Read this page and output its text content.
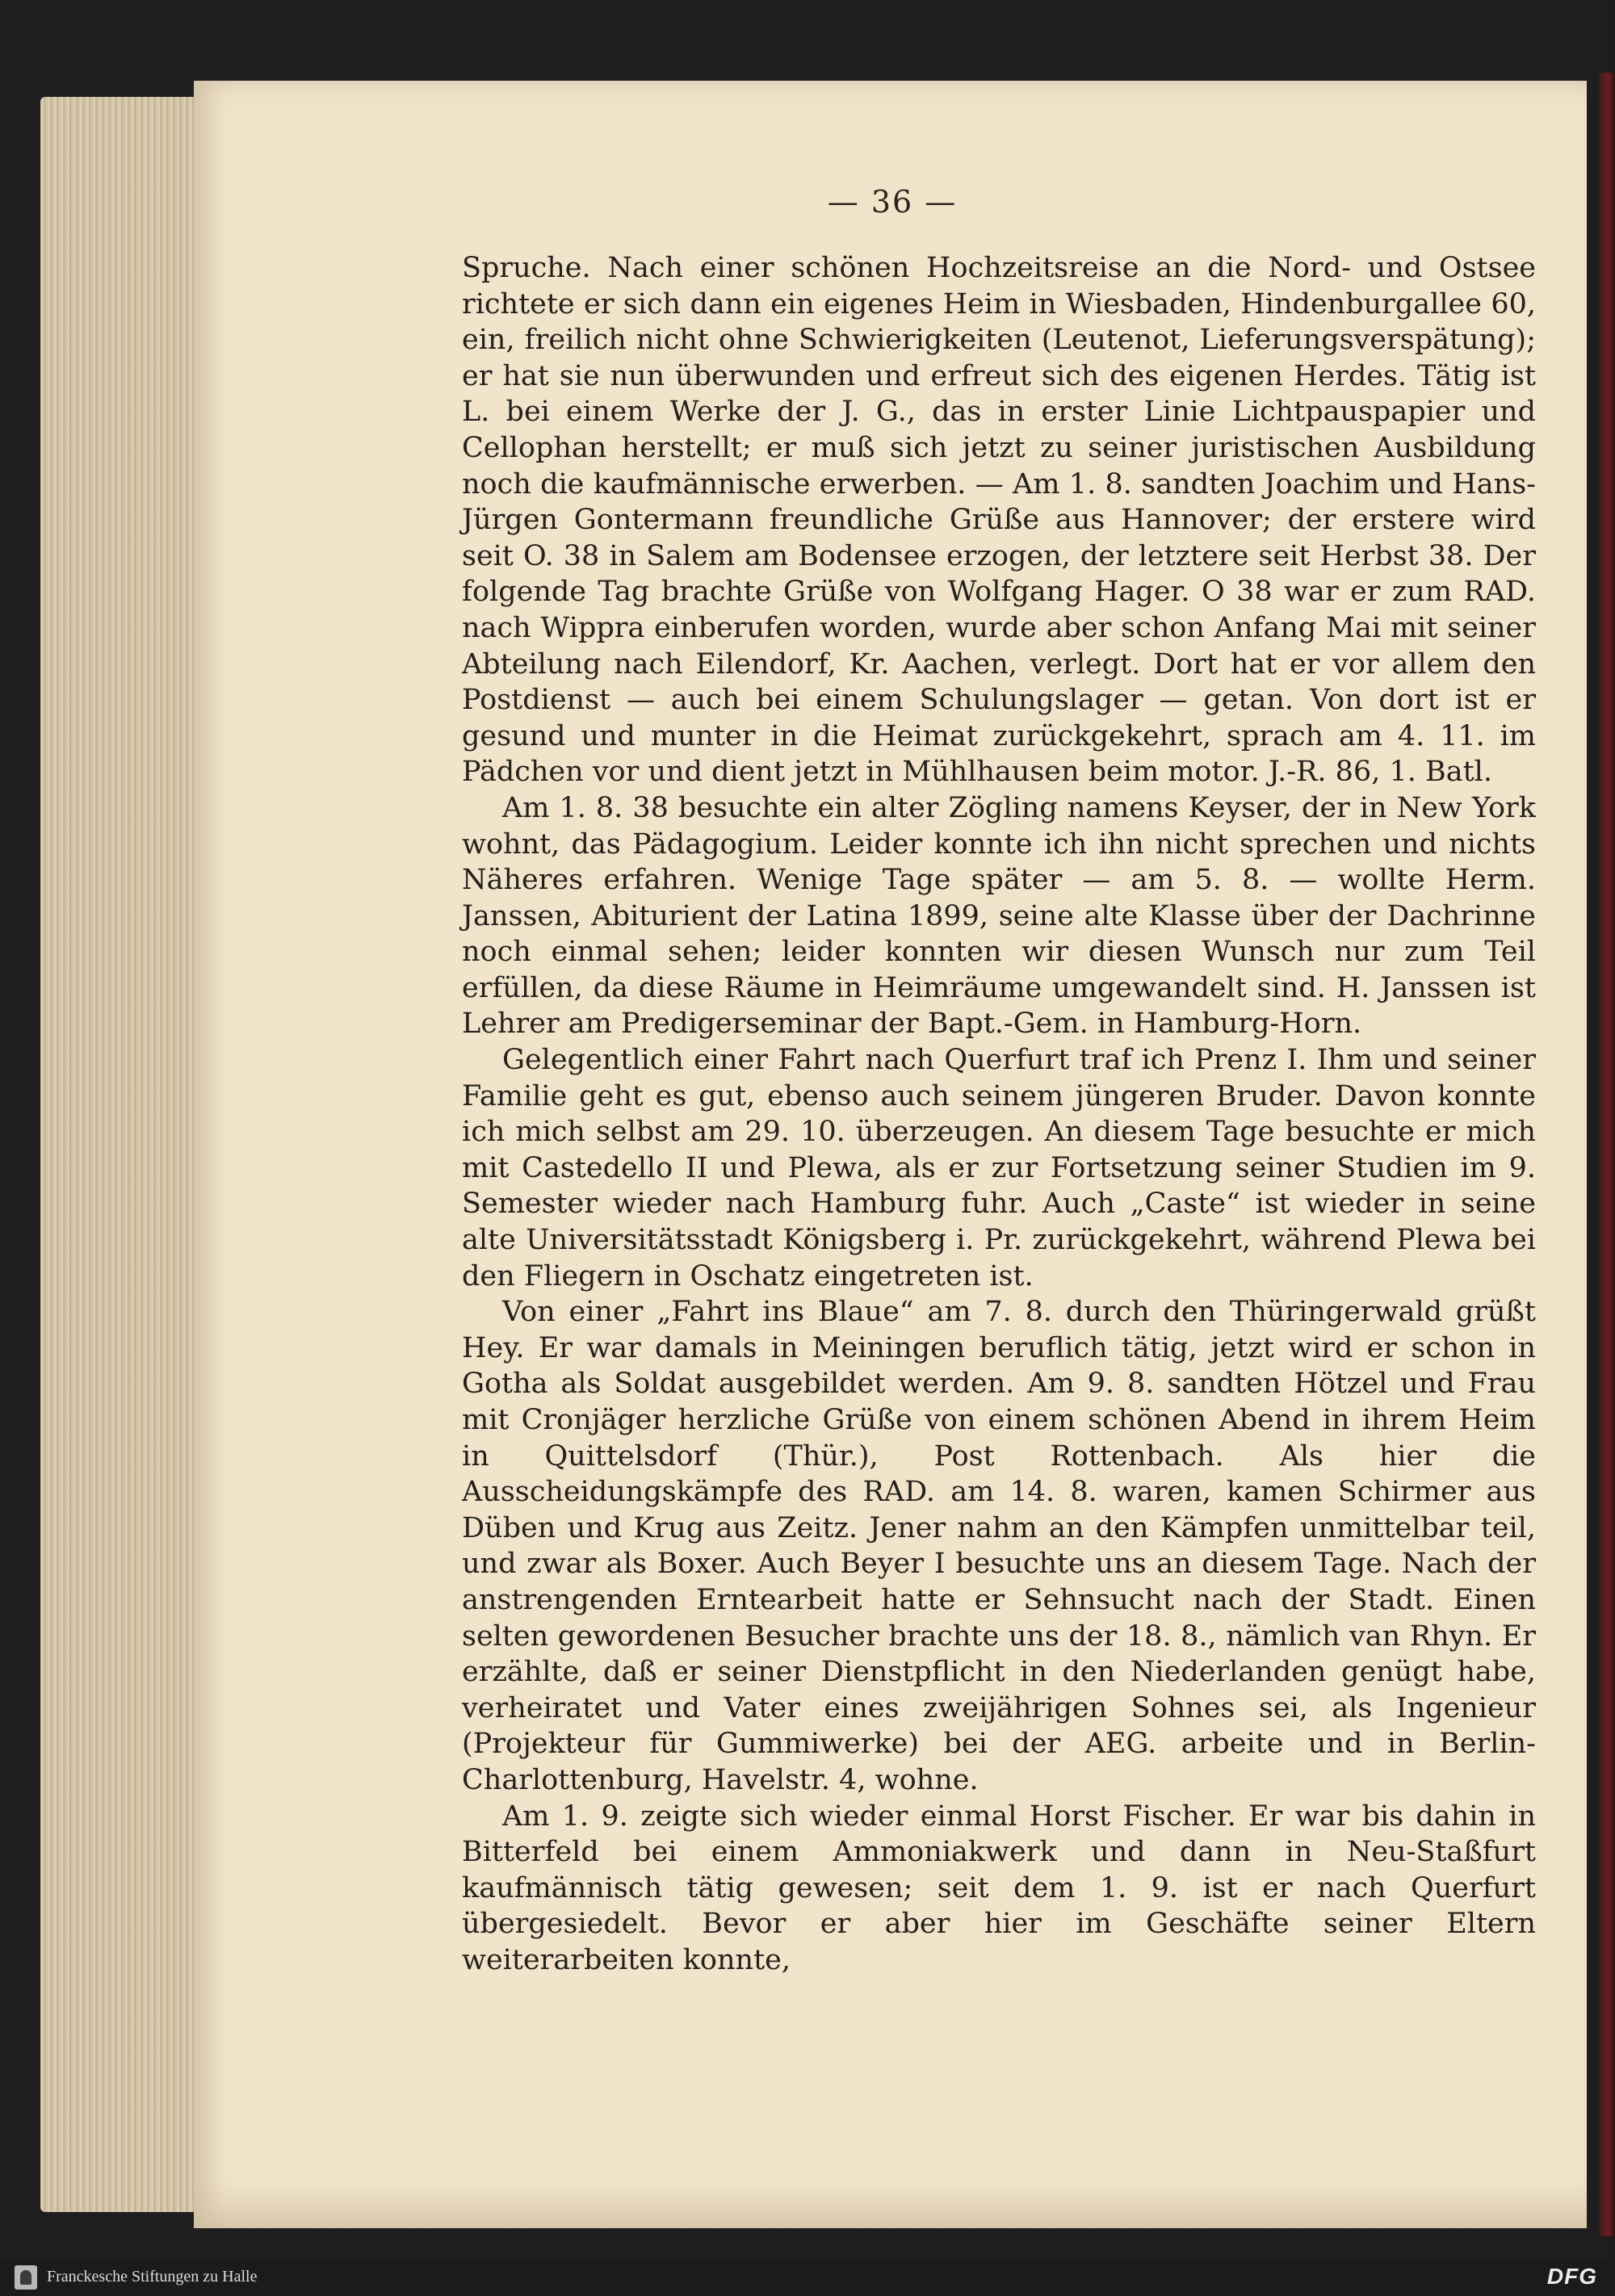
— 36 —

Spruche. Nach einer schönen Hochzeitsreise an die Nord- und Ostsee richtete er sich dann ein eigenes Heim in Wiesbaden, Hindenburgallee 60, ein, freilich nicht ohne Schwierigkeiten (Leutenot, Lieferungsverspätung); er hat sie nun überwunden und erfreut sich des eigenen Herdes. Tätig ist L. bei einem Werke der J. G., das in erster Linie Lichtpauspapier und Cellophan herstellt; er muß sich jetzt zu seiner juristischen Ausbildung noch die kaufmännische erwerben. — Am 1. 8. sandten Joachim und Hans-Jürgen Gontermann freundliche Grüße aus Hannover; der erstere wird seit O. 38 in Salem am Bodensee erzogen, der letztere seit Herbst 38. Der folgende Tag brachte Grüße von Wolfgang Hager. O 38 war er zum RAD. nach Wippra einberufen worden, wurde aber schon Anfang Mai mit seiner Abteilung nach Eilendorf, Kr. Aachen, verlegt. Dort hat er vor allem den Postdienst — auch bei einem Schulungslager — getan. Von dort ist er gesund und munter in die Heimat zurückgekehrt, sprach am 4. 11. im Pädchen vor und dient jetzt in Mühlhausen beim motor. J.-R. 86, 1. Batl.

Am 1. 8. 38 besuchte ein alter Zögling namens Keyser, der in New York wohnt, das Pädagogium. Leider konnte ich ihn nicht sprechen und nichts Näheres erfahren. Wenige Tage später — am 5. 8. — wollte Herm. Janssen, Abiturient der Latina 1899, seine alte Klasse über der Dachrinne noch einmal sehen; leider konnten wir diesen Wunsch nur zum Teil erfüllen, da diese Räume in Heimräume umgewandelt sind. H. Janssen ist Lehrer am Predigerseminar der Bapt.-Gem. in Hamburg-Horn.

Gelegentlich einer Fahrt nach Querfurt traf ich Prenz I. Ihm und seiner Familie geht es gut, ebenso auch seinem jüngeren Bruder. Davon konnte ich mich selbst am 29. 10. überzeugen. An diesem Tage besuchte er mich mit Castedello II und Plewa, als er zur Fortsetzung seiner Studien im 9. Semester wieder nach Hamburg fuhr. Auch „Caste“ ist wieder in seine alte Universitätsstadt Königsberg i. Pr. zurückgekehrt, während Plewa bei den Fliegern in Oschatz eingetreten ist.

Von einer „Fahrt ins Blaue“ am 7. 8. durch den Thüringerwald grüßt Hey. Er war damals in Meiningen beruflich tätig, jetzt wird er schon in Gotha als Soldat ausgebildet werden. Am 9. 8. sandten Hötzel und Frau mit Cronjäger herzliche Grüße von einem schönen Abend in ihrem Heim in Quittelsdorf (Thür.), Post Rottenbach. Als hier die Ausscheidungskämpfe des RAD. am 14. 8. waren, kamen Schirmer aus Düben und Krug aus Zeitz. Jener nahm an den Kämpfen unmittelbar teil, und zwar als Boxer. Auch Beyer I besuchte uns an diesem Tage. Nach der anstrengenden Erntearbeit hatte er Sehnsucht nach der Stadt. Einen selten gewordenen Besucher brachte uns der 18. 8., nämlich van Rhyn. Er erzählte, daß er seiner Dienstpflicht in den Niederlanden genügt habe, verheiratet und Vater eines zweijährigen Sohnes sei, als Ingenieur (Projekteur für Gummiwerke) bei der AEG. arbeite und in Berlin-Charlottenburg, Havelstr. 4, wohne.

Am 1. 9. zeigte sich wieder einmal Horst Fischer. Er war bis dahin in Bitterfeld bei einem Ammoniakwerk und dann in Neu-Staßfurt kaufmännisch tätig gewesen; seit dem 1. 9. ist er nach Querfurt übergesiedelt. Bevor er aber hier im Geschäfte seiner Eltern weiterarbeiten konnte,

Franckesche Stiftungen zu Halle	DFG
